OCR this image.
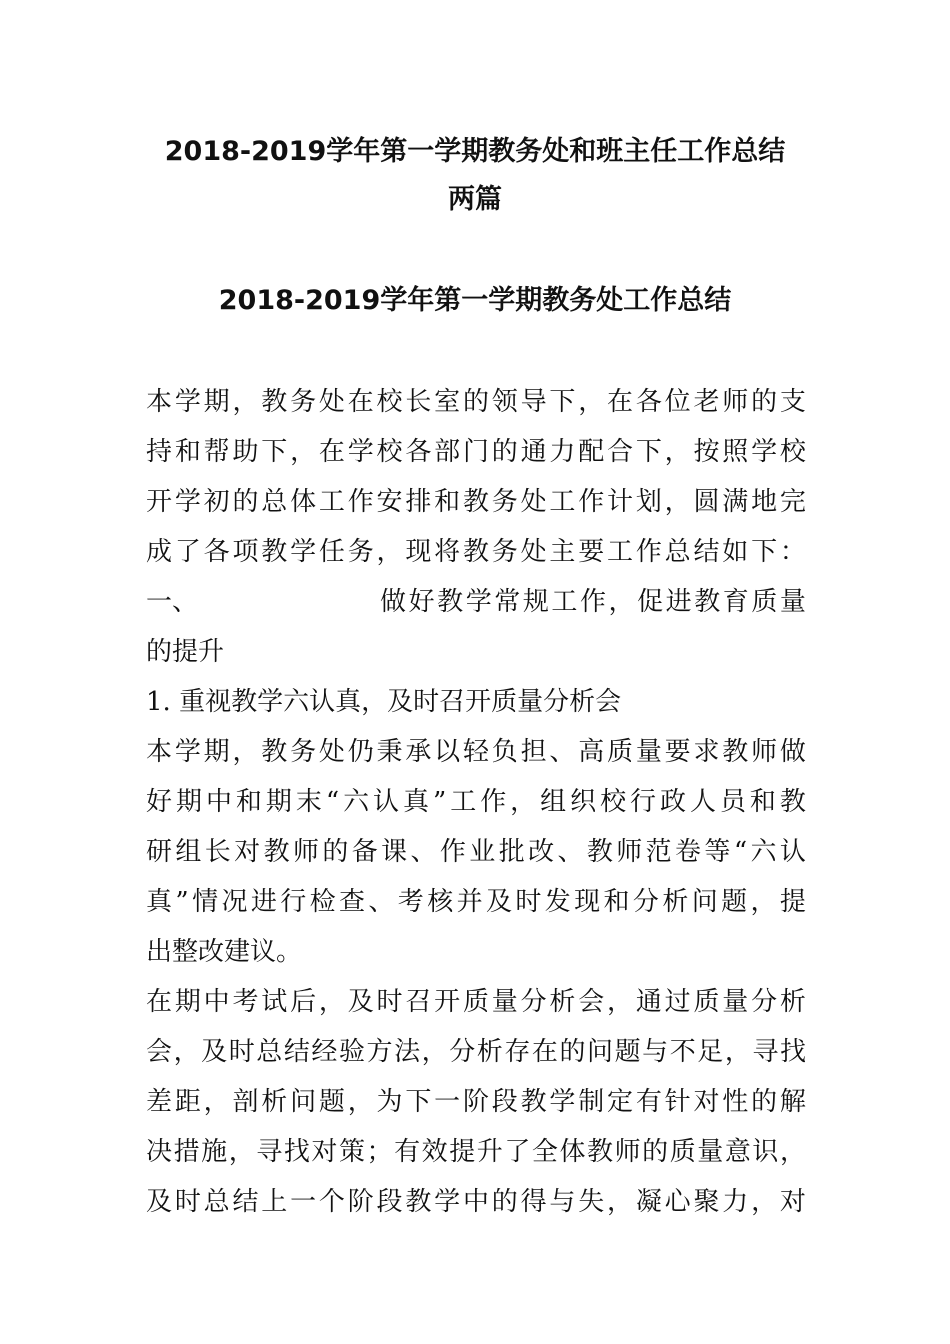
2018-2019学年第一学期教务处和班主任工作总结
两篇
2018-2019学年第一学期教务处工作总结
本 学 期 ， 教 务 处 在 校 长 室 的 领 导 下 ， 在 各 位 老 师 的 支
持 和 帮 助 下 ， 在 学 校 各 部 门 的 通 力 配 合 下 ， 按 照 学 校
开 学 初 的 总 体 工 作 安 排 和 教 务 处 工 作 计 划 ， 圆 满 地 完
成 了 各 项 教 学 任 务 ， 现 将 教 务 处 主 要 工 作 总 结 如 下 ：
一、	做 好 教 学 常 规 工 作 ， 促 进 教 育 质 量
的提升
1. 重视教学六认真，及时召开质量分析会
本 学 期 ， 教 务 处 仍 秉 承 以 轻 负 担 、 高 质 量 要 求 教 师 做
好 期 中 和 期 末 “ 六 认 真 ” 工 作 ， 组 织 校 行 政 人 员 和 教
研 组 长 对 教 师 的 备 课 、 作 业 批 改 、 教 师 范 卷 等 “ 六 认
真 ” 情 况 进 行 检 查 、 考 核 并 及 时 发 现 和 分 析 问 题 ， 提
出整改建议。
在 期 中 考 试 后 ， 及 时 召 开 质 量 分 析 会 ， 通 过 质 量 分 析
会 ， 及 时 总 结 经 验 方 法 ， 分 析 存 在 的 问 题 与 不 足 ， 寻 找
差 距 ， 剖 析 问 题 ， 为 下 一 阶 段 教 学 制 定 有 针 对 性 的 解
决 措 施 ， 寻 找 对 策 ； 有 效 提 升 了 全 体 教 师 的 质 量 意 识 ，
及 时 总 结 上 一 个 阶 段 教 学 中 的 得 与 失 ， 凝 心 聚 力 ， 对
